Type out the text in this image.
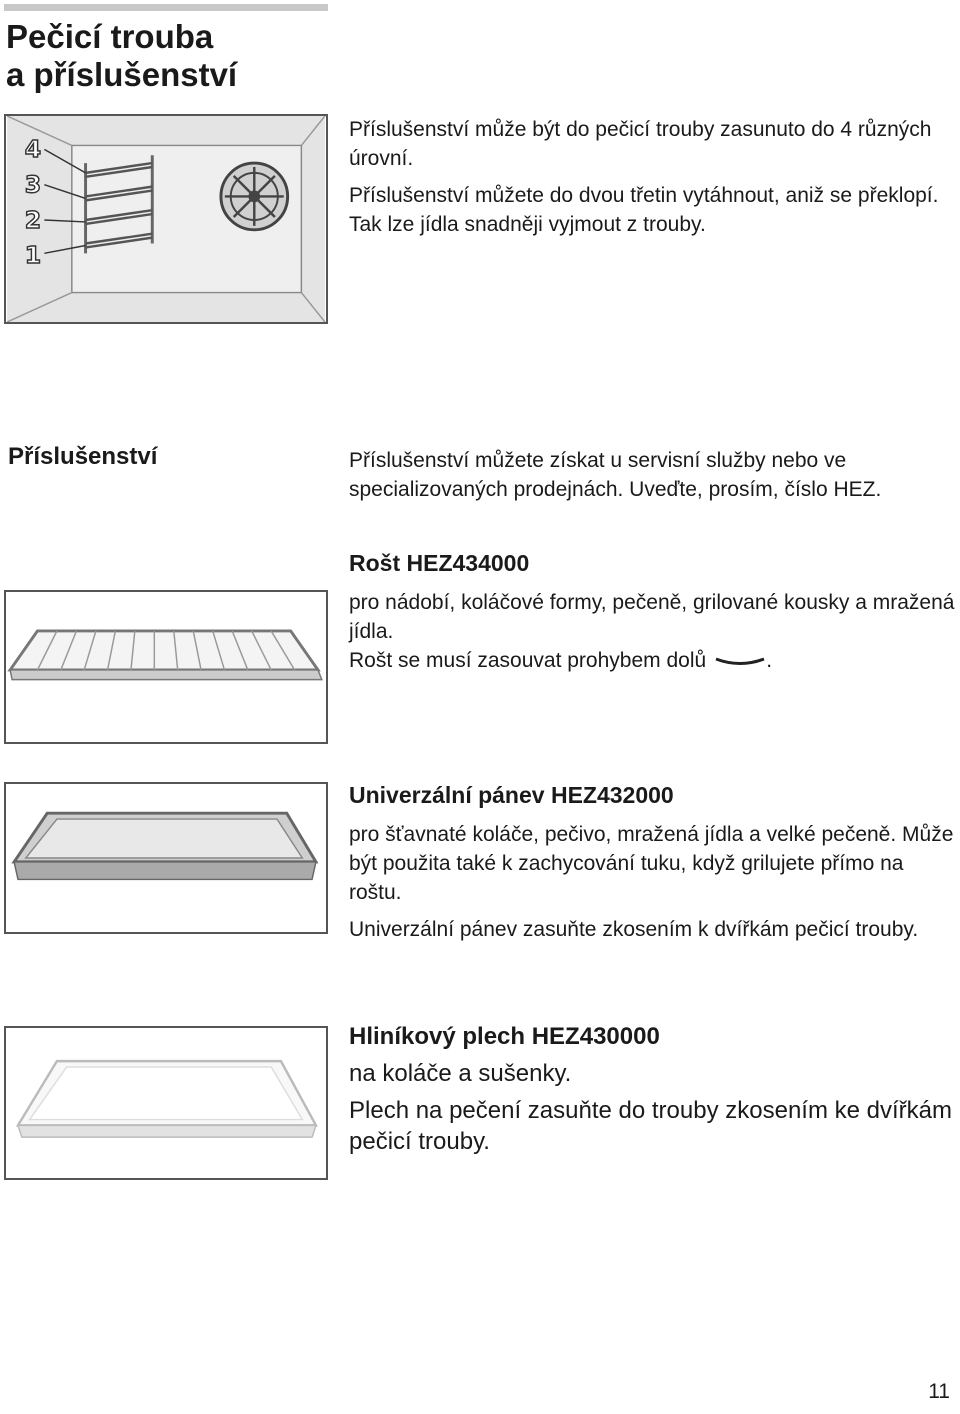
Pečicí trouba
a příslušenství
4
3
2
1

Příslušenství může být do pečicí trouby zasunuto do 4 různých úrovní.

Příslušenství můžete do dvou třetin vytáhnout, aniž se překlopí. Tak lze jídla snadněji vyjmout z trouby.

Příslušenství	Příslušenství můžete získat u servisní služby nebo ve specializovaných prodejnách. Uveďte, prosím, číslo HEZ.

Rošt HEZ434000

pro nádobí, koláčové formy, pečeně, grilované kousky a mražená jídla.

Rošt se musí zasouvat prohybem dolů	.

Univerzální pánev HEZ432000

pro šťavnaté koláče, pečivo, mražená jídla a velké pečeně. Může být použita také k zachycování tuku, když grilujete přímo na roštu.

Univerzální pánev zasuňte zkosením k dvířkám pečicí trouby.

Hliníkový plech HEZ430000

na koláče a sušenky.

Plech na pečení zasuňte do trouby zkosením ke dvířkám pečicí trouby.

11
